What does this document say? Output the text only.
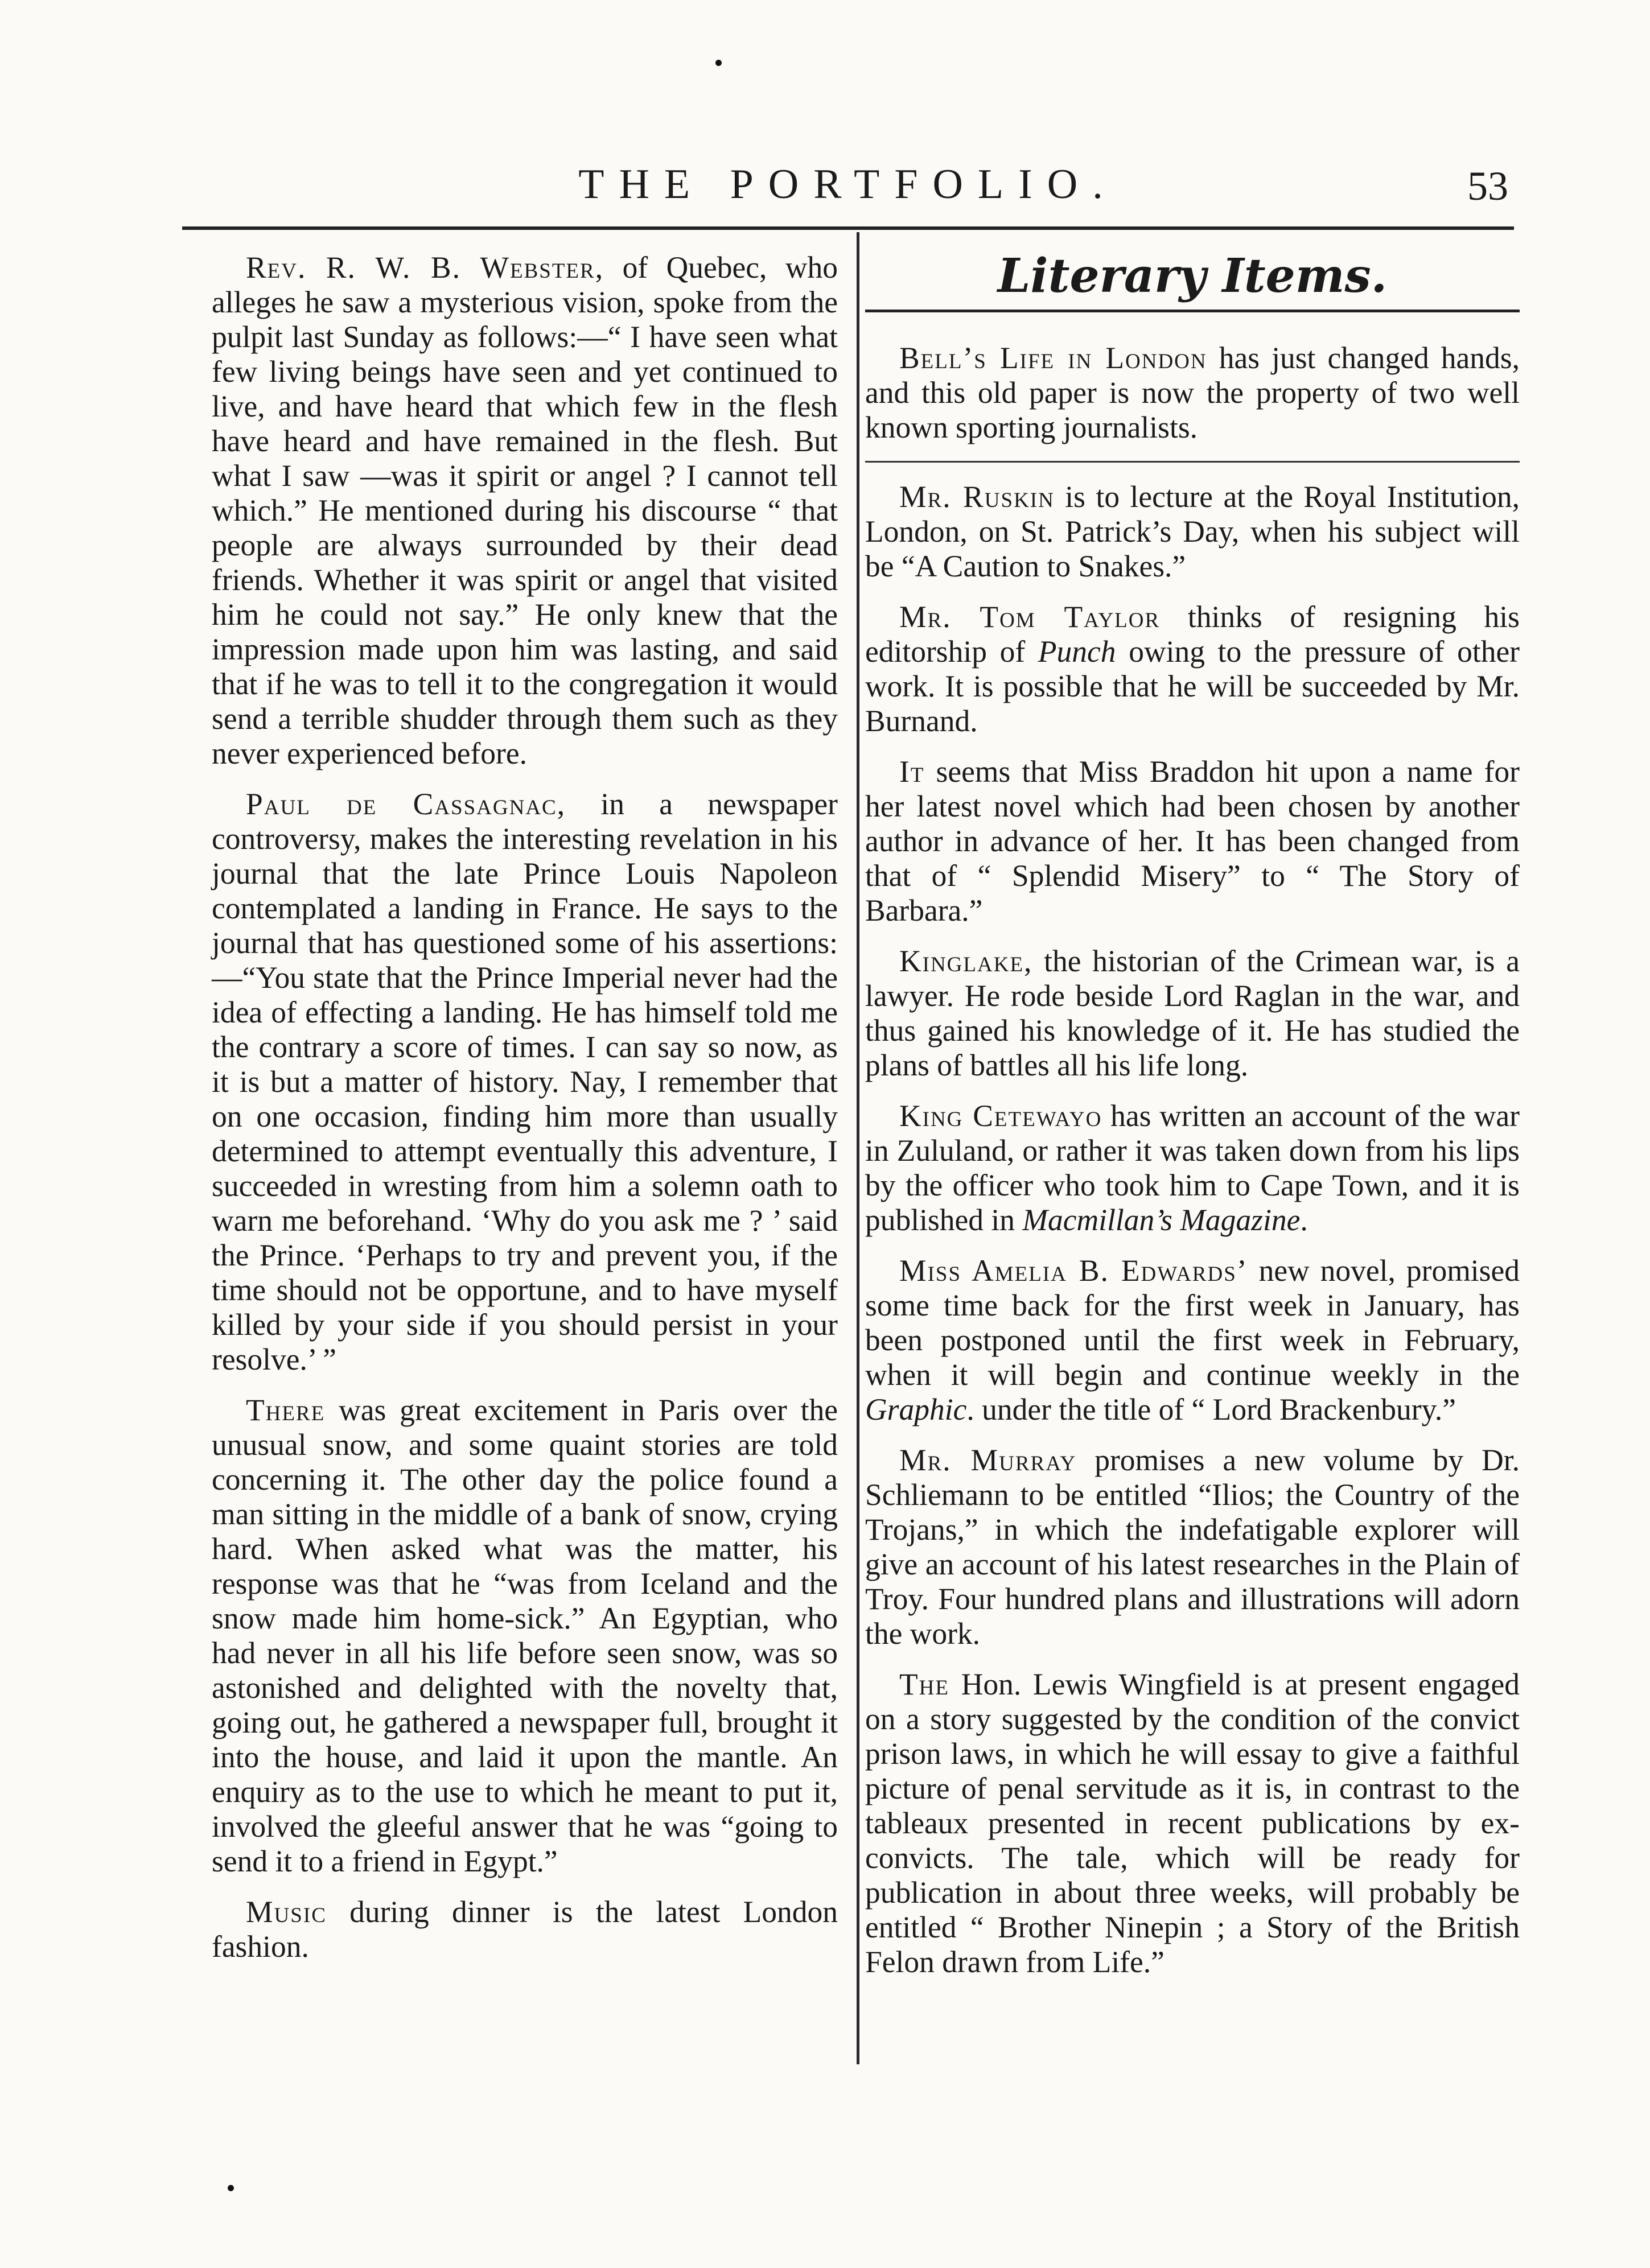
THE PORTFOLIO.	53

Rev. R. W. B. Webster, of Quebec, who alleges he saw a mysterious vision, spoke from the pulpit last Sunday as follows:—“ I have seen what few living beings have seen and yet continued to live, and have heard that which few in the flesh have heard and have remained in the flesh. But what I saw —was it spirit or angel ? I cannot tell which.” He mentioned during his discourse “ that people are always surrounded by their dead friends. Whether it was spirit or angel that visited him he could not say.” He only knew that the impression made upon him was lasting, and said that if he was to tell it to the congregation it would send a terrible shudder through them such as they never experienced before.

Paul de Cassagnac, in a newspaper controversy, makes the interesting revelation in his journal that the late Prince Louis Napoleon contemplated a landing in France. He says to the journal that has questioned some of his assertions:—“You state that the Prince Imperial never had the idea of effecting a landing. He has himself told me the contrary a score of times. I can say so now, as it is but a matter of history. Nay, I remember that on one occasion, finding him more than usually determined to attempt eventually this adventure, I succeeded in wresting from him a solemn oath to warn me beforehand. ‘Why do you ask me ? ’ said the Prince. ‘Perhaps to try and prevent you, if the time should not be opportune, and to have myself killed by your side if you should persist in your resolve.’ ”

There was great excitement in Paris over the unusual snow, and some quaint stories are told concerning it. The other day the police found a man sitting in the middle of a bank of snow, crying hard. When asked what was the matter, his response was that he “was from Iceland and the snow made him home-sick.” An Egyptian, who had never in all his life before seen snow, was so astonished and delighted with the novelty that, going out, he gathered a newspaper full, brought it into the house, and laid it upon the mantle. An enquiry as to the use to which he meant to put it, involved the gleeful answer that he was “going to send it to a friend in Egypt.”

Music during dinner is the latest London fashion.

Literary Items.

Bell’s Life in London has just changed hands, and this old paper is now the property of two well known sporting journalists.

Mr. Ruskin is to lecture at the Royal Institution, London, on St. Patrick’s Day, when his subject will be “A Caution to Snakes.”

Mr. Tom Taylor thinks of resigning his editorship of Punch owing to the pressure of other work. It is possible that he will be succeeded by Mr. Burnand.

It seems that Miss Braddon hit upon a name for her latest novel which had been chosen by another author in advance of her. It has been changed from that of “ Splendid Misery” to “ The Story of Barbara.”

Kinglake, the historian of the Crimean war, is a lawyer. He rode beside Lord Raglan in the war, and thus gained his knowledge of it. He has studied the plans of battles all his life long.

King Cetewayo has written an account of the war in Zululand, or rather it was taken down from his lips by the officer who took him to Cape Town, and it is published in Macmillan’s Magazine.

Miss Amelia B. Edwards’ new novel, promised some time back for the first week in January, has been postponed until the first week in February, when it will begin and continue weekly in the Graphic. under the title of “ Lord Brackenbury.”

Mr. Murray promises a new volume by Dr. Schliemann to be entitled “Ilios; the Country of the Trojans,” in which the indefatigable explorer will give an account of his latest researches in the Plain of Troy. Four hundred plans and illustrations will adorn the work.

The Hon. Lewis Wingfield is at present engaged on a story suggested by the condition of the convict prison laws, in which he will essay to give a faithful picture of penal servitude as it is, in contrast to the tableaux presented in recent publications by ex-convicts. The tale, which will be ready for publication in about three weeks, will probably be entitled “ Brother Ninepin ; a Story of the British Felon drawn from Life.”
